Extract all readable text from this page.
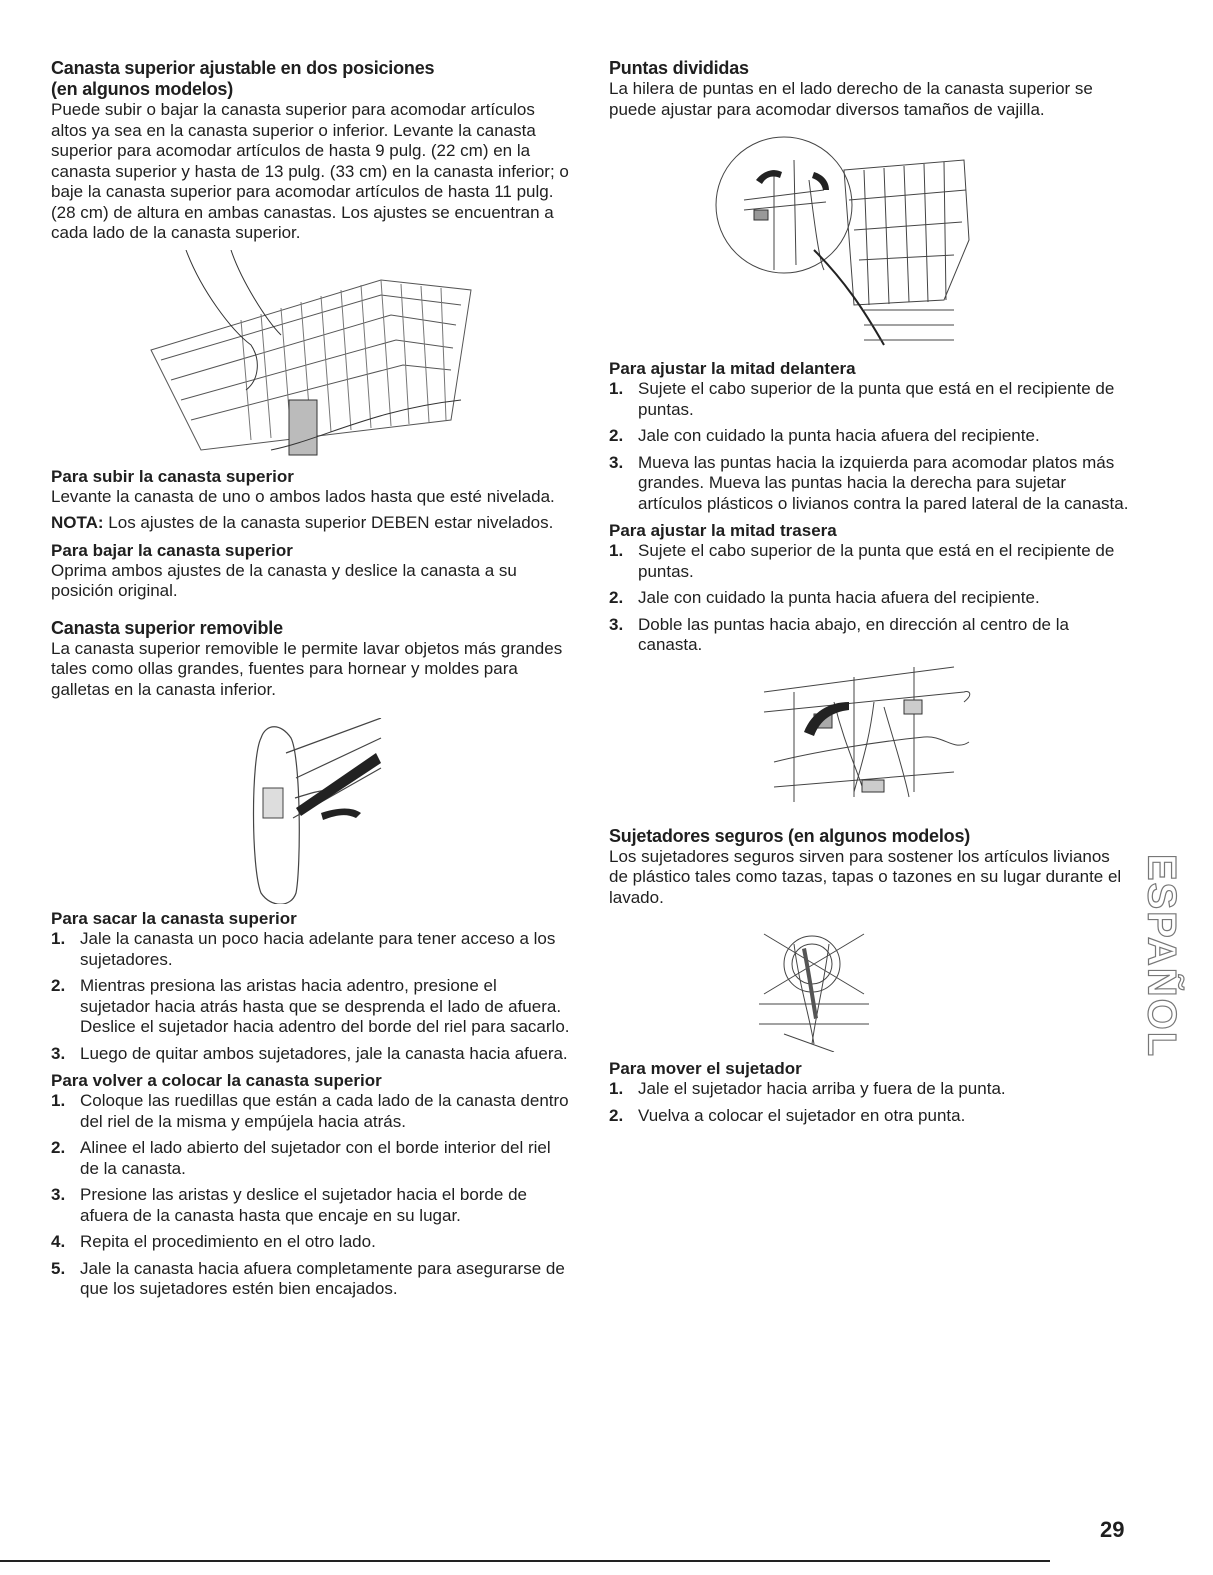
Canasta superior ajustable en dos posiciones
(en algunos modelos)

Puede subir o bajar la canasta superior para acomodar artículos altos ya sea en la canasta superior o inferior. Levante la canasta superior para acomodar artículos de hasta 9 pulg. (22 cm) en la canasta superior y hasta de 13 pulg. (33 cm) en la canasta inferior; o baje la canasta superior para acomodar artículos de hasta 11 pulg. (28 cm) de altura en ambas canastas. Los ajustes se encuentran a cada lado de la canasta superior.

Para subir la canasta superior

Levante la canasta de uno o ambos lados hasta que esté nivelada.

NOTA: Los ajustes de la canasta superior DEBEN estar nivelados.

Para bajar la canasta superior

Oprima ambos ajustes de la canasta y deslice la canasta a su posición original.

Canasta superior removible

La canasta superior removible le permite lavar objetos más grandes tales como ollas grandes, fuentes para hornear y moldes para galletas en la canasta inferior.

Para sacar la canasta superior
1. Jale la canasta un poco hacia adelante para tener acceso a los sujetadores.
2. Mientras presiona las aristas hacia adentro, presione el sujetador hacia atrás hasta que se desprenda el lado de afuera. Deslice el sujetador hacia adentro del borde del riel para sacarlo.
3. Luego de quitar ambos sujetadores, jale la canasta hacia afuera.
Para volver a colocar la canasta superior
1. Coloque las ruedillas que están a cada lado de la canasta dentro del riel de la misma y empújela hacia atrás.
2. Alinee el lado abierto del sujetador con el borde interior del riel de la canasta.
3. Presione las aristas y deslice el sujetador hacia el borde de afuera de la canasta hasta que encaje en su lugar.
4. Repita el procedimiento en el otro lado.
5. Jale la canasta hacia afuera completamente para asegurarse de que los sujetadores estén bien encajados.
Puntas divididas

La hilera de puntas en el lado derecho de la canasta superior se puede ajustar para acomodar diversos tamaños de vajilla.

Para ajustar la mitad delantera
1. Sujete el cabo superior de la punta que está en el recipiente de puntas.
2. Jale con cuidado la punta hacia afuera del recipiente.
3. Mueva las puntas hacia la izquierda para acomodar platos más grandes. Mueva las puntas hacia la derecha para sujetar artículos plásticos o livianos contra la pared lateral de la canasta.
Para ajustar la mitad trasera
1. Sujete el cabo superior de la punta que está en el recipiente de puntas.
2. Jale con cuidado la punta hacia afuera del recipiente.
3. Doble las puntas hacia abajo, en dirección al centro de la canasta.
Sujetadores seguros (en algunos modelos)

Los sujetadores seguros sirven para sostener los artículos livianos de plástico tales como tazas, tapas o tazones en su lugar durante el lavado.

Para mover el sujetador
1. Jale el sujetador hacia arriba y fuera de la punta.
2. Vuelva a colocar el sujetador en otra punta.
ESPAÑOL
29
